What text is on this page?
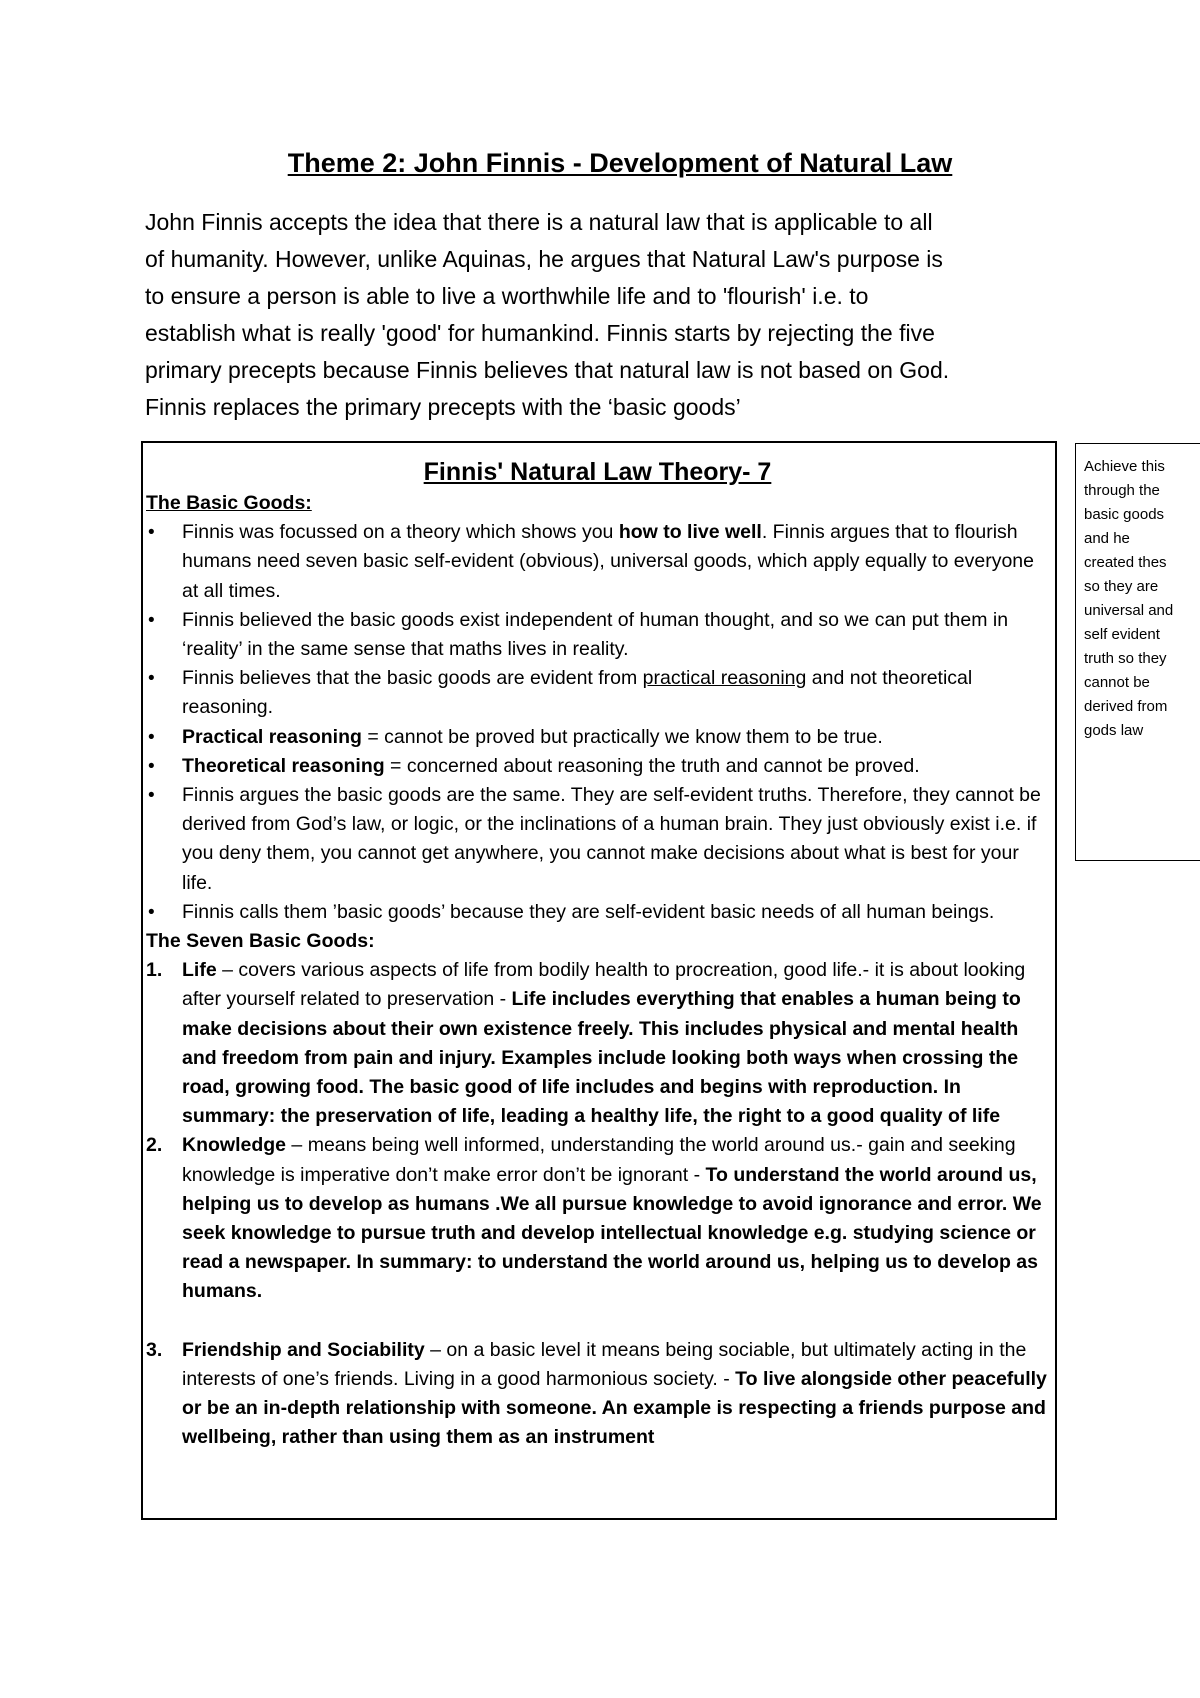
Theme 2: John Finnis - Development of Natural Law
John Finnis accepts the idea that there is a natural law that is applicable to all
of humanity. However, unlike Aquinas, he argues that Natural Law's purpose is
to ensure a person is able to live a worthwhile life and to 'flourish' i.e. to
establish what is really 'good' for humankind. Finnis starts by rejecting the five
primary precepts because Finnis believes that natural law is not based on God.
Finnis replaces the primary precepts with the ‘basic goods’
Finnis' Natural Law Theory- 7
The Basic Goods:
• Finnis was focussed on a theory which shows you how to live well. Finnis argues that to flourish humans need seven basic self-evident (obvious), universal goods, which apply equally to everyone at all times.
• Finnis believed the basic goods exist independent of human thought, and so we can put them in ‘reality’ in the same sense that maths lives in reality.
• Finnis believes that the basic goods are evident from practical reasoning and not theoretical reasoning.
• Practical reasoning = cannot be proved but practically we know them to be true.
• Theoretical reasoning = concerned about reasoning the truth and cannot be proved.
• Finnis argues the basic goods are the same. They are self-evident truths. Therefore, they cannot be derived from God’s law, or logic, or the inclinations of a human brain. They just obviously exist i.e. if you deny them, you cannot get anywhere, you cannot make decisions about what is best for your life.
• Finnis calls them ’basic goods’ because they are self-evident basic needs of all human beings.
The Seven Basic Goods:
1. Life – covers various aspects of life from bodily health to procreation, good life.- it is about looking after yourself related to preservation - Life includes everything that enables a human being to make decisions about their own existence freely. This includes physical and mental health and freedom from pain and injury. Examples include looking both ways when crossing the road, growing food. The basic good of life includes and begins with reproduction. In summary: the preservation of life, leading a healthy life, the right to a good quality of life
2. Knowledge – means being well informed, understanding the world around us.- gain and seeking knowledge is imperative don’t make error don’t be ignorant - To understand the world around us, helping us to develop as humans .We all pursue knowledge to avoid ignorance and error. We seek knowledge to pursue truth and develop intellectual knowledge e.g. studying science or read a newspaper. In summary: to understand the world around us, helping us to develop as humans.
3. Friendship and Sociability – on a basic level it means being sociable, but ultimately acting in the interests of one’s friends. Living in a good harmonious society. - To live alongside other peacefully or be an in-depth relationship with someone. An example is respecting a friends purpose and wellbeing, rather than using them as an instrument
Achieve this
through the
basic goods
and he
created thes
so they are
universal and
self evident
truth so they
cannot be
derived from
gods law
